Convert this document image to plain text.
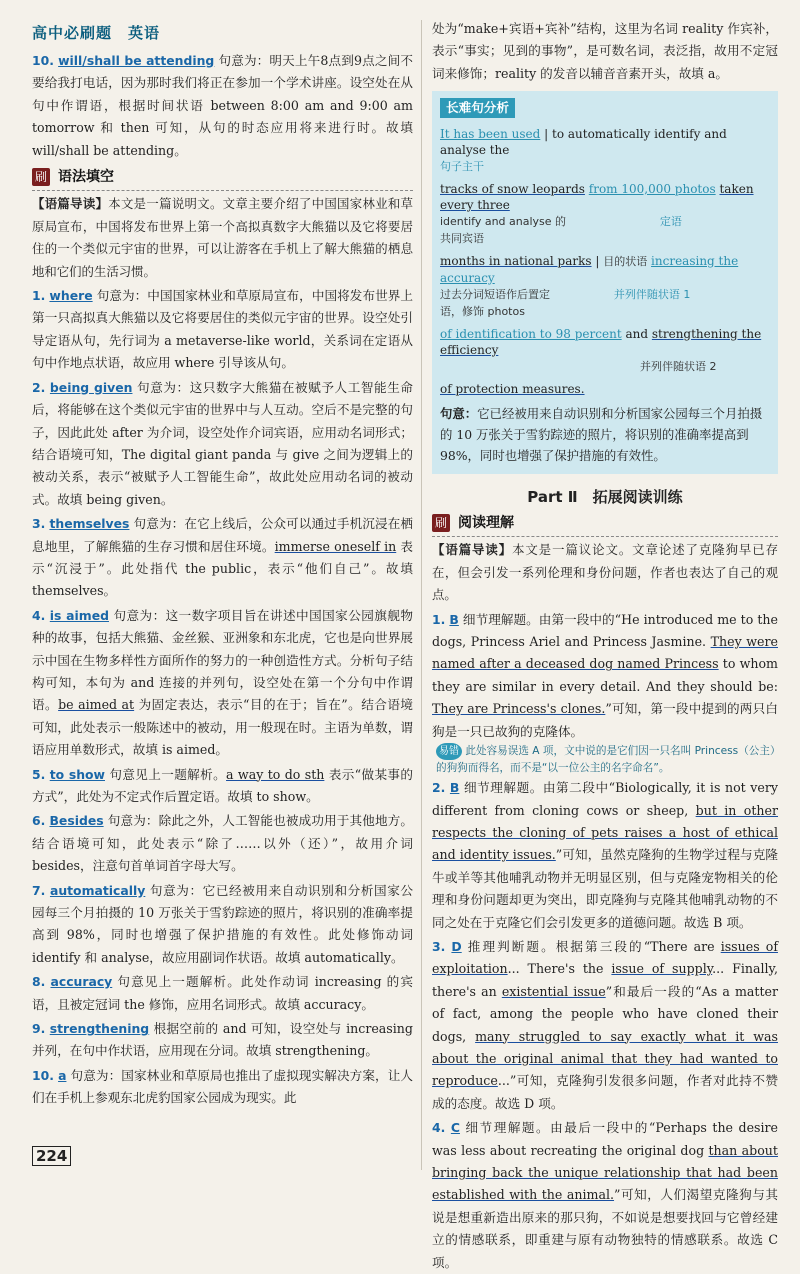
高中必刷题　英语

10. will/shall be attending 句意为：明天上午8点到9点之间不要给我打电话，因为那时我们将正在参加一个学术讲座。设空处在从句中作谓语，根据时间状语 between 8:00 am and 9:00 am tomorrow 和 then 可知，从句的时态应用将来进行时。故填 will/shall be attending。

刷 语法填空

【语篇导读】本文是一篇说明文。文章主要介绍了中国国家林业和草原局宣布，中国将发布世界上第一个高拟真数字大熊猫以及它将要居住的一个类似元宇宙的世界，可以让游客在手机上了解大熊猫的栖息地和它们的生活习惯。

1. where 句意为：中国国家林业和草原局宣布，中国将发布世界上第一只高拟真大熊猫以及它将要居住的类似元宇宙的世界。设空处引导定语从句，先行词为 a metaverse-like world，关系词在定语从句中作地点状语，故应用 where 引导该从句。

2. being given 句意为：这只数字大熊猫在被赋予人工智能生命后，将能够在这个类似元宇宙的世界中与人互动。空后不是完整的句子，因此此处 after 为介词，设空处作介词宾语，应用动名词形式；结合语境可知，The digital giant panda 与 give 之间为逻辑上的被动关系，表示“被赋予人工智能生命”，故此处应用动名词的被动式。故填 being given。

3. themselves 句意为：在它上线后，公众可以通过手机沉浸在栖息地里，了解熊猫的生存习惯和居住环境。immerse oneself in 表示“沉浸于”。此处指代 the public，表示“他们自己”。故填 themselves。

4. is aimed 句意为：这一数字项目旨在讲述中国国家公园旗舰物种的故事，包括大熊猫、金丝猴、亚洲象和东北虎，它也是向世界展示中国在生物多样性方面所作的努力的一种创造性方式。分析句子结构可知，本句为 and 连接的并列句，设空处在第一个分句中作谓语。be aimed at 为固定表达，表示“目的在于；旨在”。结合语境可知，此处表示一般陈述中的被动，用一般现在时。主语为单数，谓语应用单数形式，故填 is aimed。

5. to show 句意见上一题解析。a way to do sth 表示“做某事的方式”，此处为不定式作后置定语。故填 to show。

6. Besides 句意为：除此之外，人工智能也被成功用于其他地方。结合语境可知，此处表示“除了……以外（还）”，故用介词 besides，注意句首单词首字母大写。

7. automatically 句意为：它已经被用来自动识别和分析国家公园每三个月拍摄的 10 万张关于雪豹踪迹的照片，将识别的准确率提高到 98%，同时也增强了保护措施的有效性。此处修饰动词 identify 和 analyse，故应用副词作状语。故填 automatically。

8. accuracy 句意见上一题解析。此处作动词 increasing 的宾语，且被定冠词 the 修饰，应用名词形式。故填 accuracy。

9. strengthening 根据空前的 and 可知，设空处与 increasing 并列，在句中作状语，应用现在分词。故填 strengthening。

10. a 句意为：国家林业和草原局也推出了虚拟现实解决方案，让人们在手机上参观东北虎豹国家公园成为现实。此

处为“make+宾语+宾补”结构，这里为名词 reality 作宾补，表示“事实；见到的事物”，是可数名词，表泛指，故用不定冠词来修饰；reality 的发音以辅音音素开头，故填 a。

长难句分析
It has been used | to automatically identify and analyse the
句子主干
tracks of snow leopards from 100,000 photos taken every three
identify and analyse 的	定语
共同宾语
months in national parks | 目的状语 increasing the accuracy
过去分词短语作后置定	并列伴随状语 1
语，修饰 photos
of identification to 98 percent and strengthening the efficiency
并列伴随状语 2
of protection measures.
句意：它已经被用来自动识别和分析国家公园每三个月拍摄的 10 万张关于雪豹踪迹的照片，将识别的准确率提高到 98%，同时也增强了保护措施的有效性。
Part Ⅱ　拓展阅读训练
刷 阅读理解

【语篇导读】本文是一篇议论文。文章论述了克隆狗早已存在，但会引发一系列伦理和身份问题，作者也表达了自己的观点。

1. B 细节理解题。由第一段中的“He introduced me to the dogs, Princess Ariel and Princess Jasmine. They were named after a deceased dog named Princess to whom they are similar in every detail. And they should be: They are Princess's clones.”可知，第一段中提到的两只白狗是一只已故狗的克隆体。

易错 此处容易误选 A 项，文中说的是它们因一只名叫 Princess（公主）的狗狗而得名，而不是“以一位公主的名字命名”。

2. B 细节理解题。由第二段中“Biologically, it is not very different from cloning cows or sheep, but in other respects the cloning of pets raises a host of ethical and identity issues.”可知，虽然克隆狗的生物学过程与克隆牛或羊等其他哺乳动物并无明显区别，但与克隆宠物相关的伦理和身份问题却更为突出，即克隆狗与克隆其他哺乳动物的不同之处在于克隆它们会引发更多的道德问题。故选 B 项。

3. D 推理判断题。根据第三段的“There are issues of exploitation... There's the issue of supply... Finally, there's an existential issue”和最后一段的“As a matter of fact, among the people who have cloned their dogs, many struggled to say exactly what it was about the original animal that they had wanted to reproduce...”可知，克隆狗引发很多问题，作者对此持不赞成的态度。故选 D 项。

4. C 细节理解题。由最后一段中的“Perhaps the desire was less about recreating the original dog than about bringing back the unique relationship that had been established with the animal.”可知，人们渴望克隆狗与其说是想重新造出原来的那只狗，不如说是想要找回与它曾经建立的情感联系，即重建与原有动物独特的情感联系。故选 C 项。

224
